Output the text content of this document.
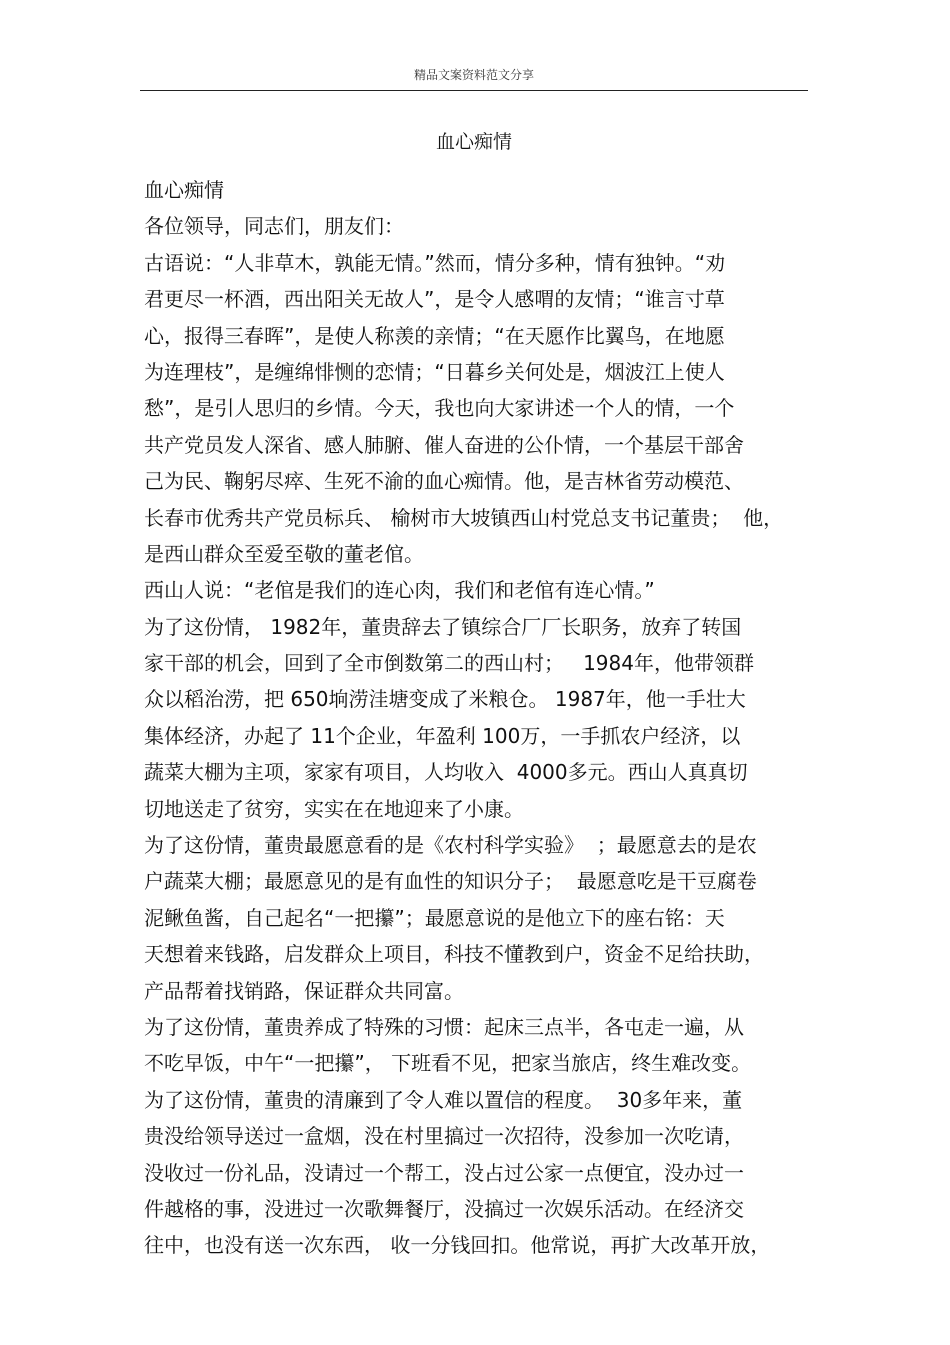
精品文案资料范文分享
血心痴情
血心痴情
各位领导，同志们，朋友们：
古语说：“人非草木，孰能无情。”然而，情分多种，情有独钟。“劝
君更尽一杯酒，西出阳关无故人”，是令人感喟的友情；“谁言寸草
心，报得三春晖”，是使人称羡的亲情；“在天愿作比翼鸟，在地愿
为连理枝”，是缠绵悱恻的恋情；“日暮乡关何处是，烟波江上使人
愁”，是引人思归的乡情。今天，我也向大家讲述一个人的情，一个
共产党员发人深省、感人肺腑、催人奋进的公仆情，一个基层干部舍
己为民、鞠躬尽瘁、生死不渝的血心痴情。他，是吉林省劳动模范、
长春市优秀共产党员标兵、 榆树市大坡镇西山村党总支书记董贵；  他，
是西山群众至爱至敬的董老倌。
西山人说：“老倌是我们的连心肉，我们和老倌有连心情。”
为了这份情， 1982年，董贵辞去了镇综合厂厂长职务，放弃了转国
家干部的机会，回到了全市倒数第二的西山村；   1984年，他带领群
众以稻治涝，把 650垧涝洼塘变成了米粮仓。 1987年，他一手壮大
集体经济，办起了 11个企业，年盈利 100万，一手抓农户经济，以
蔬菜大棚为主项，家家有项目，人均收入  4000多元。西山人真真切
切地送走了贫穷，实实在在地迎来了小康。
为了这份情，董贵最愿意看的是《农村科学实验》  ；最愿意去的是农
户蔬菜大棚；最愿意见的是有血性的知识分子；  最愿意吃是干豆腐卷
泥鳅鱼酱，自己起名“一把攥”；最愿意说的是他立下的座右铭：天
天想着来钱路，启发群众上项目，科技不懂教到户，资金不足给扶助，
产品帮着找销路，保证群众共同富。
为了这份情，董贵养成了特殊的习惯：起床三点半，各屯走一遍，从
不吃早饭，中午“一把攥”， 下班看不见，把家当旅店，终生难改变。
为了这份情，董贵的清廉到了令人难以置信的程度。  30多年来，董
贵没给领导送过一盒烟，没在村里搞过一次招待，没参加一次吃请，
没收过一份礼品，没请过一个帮工，没占过公家一点便宜，没办过一
件越格的事，没进过一次歌舞餐厅，没搞过一次娱乐活动。在经济交
往中，也没有送一次东西， 收一分钱回扣。他常说，再扩大改革开放，
